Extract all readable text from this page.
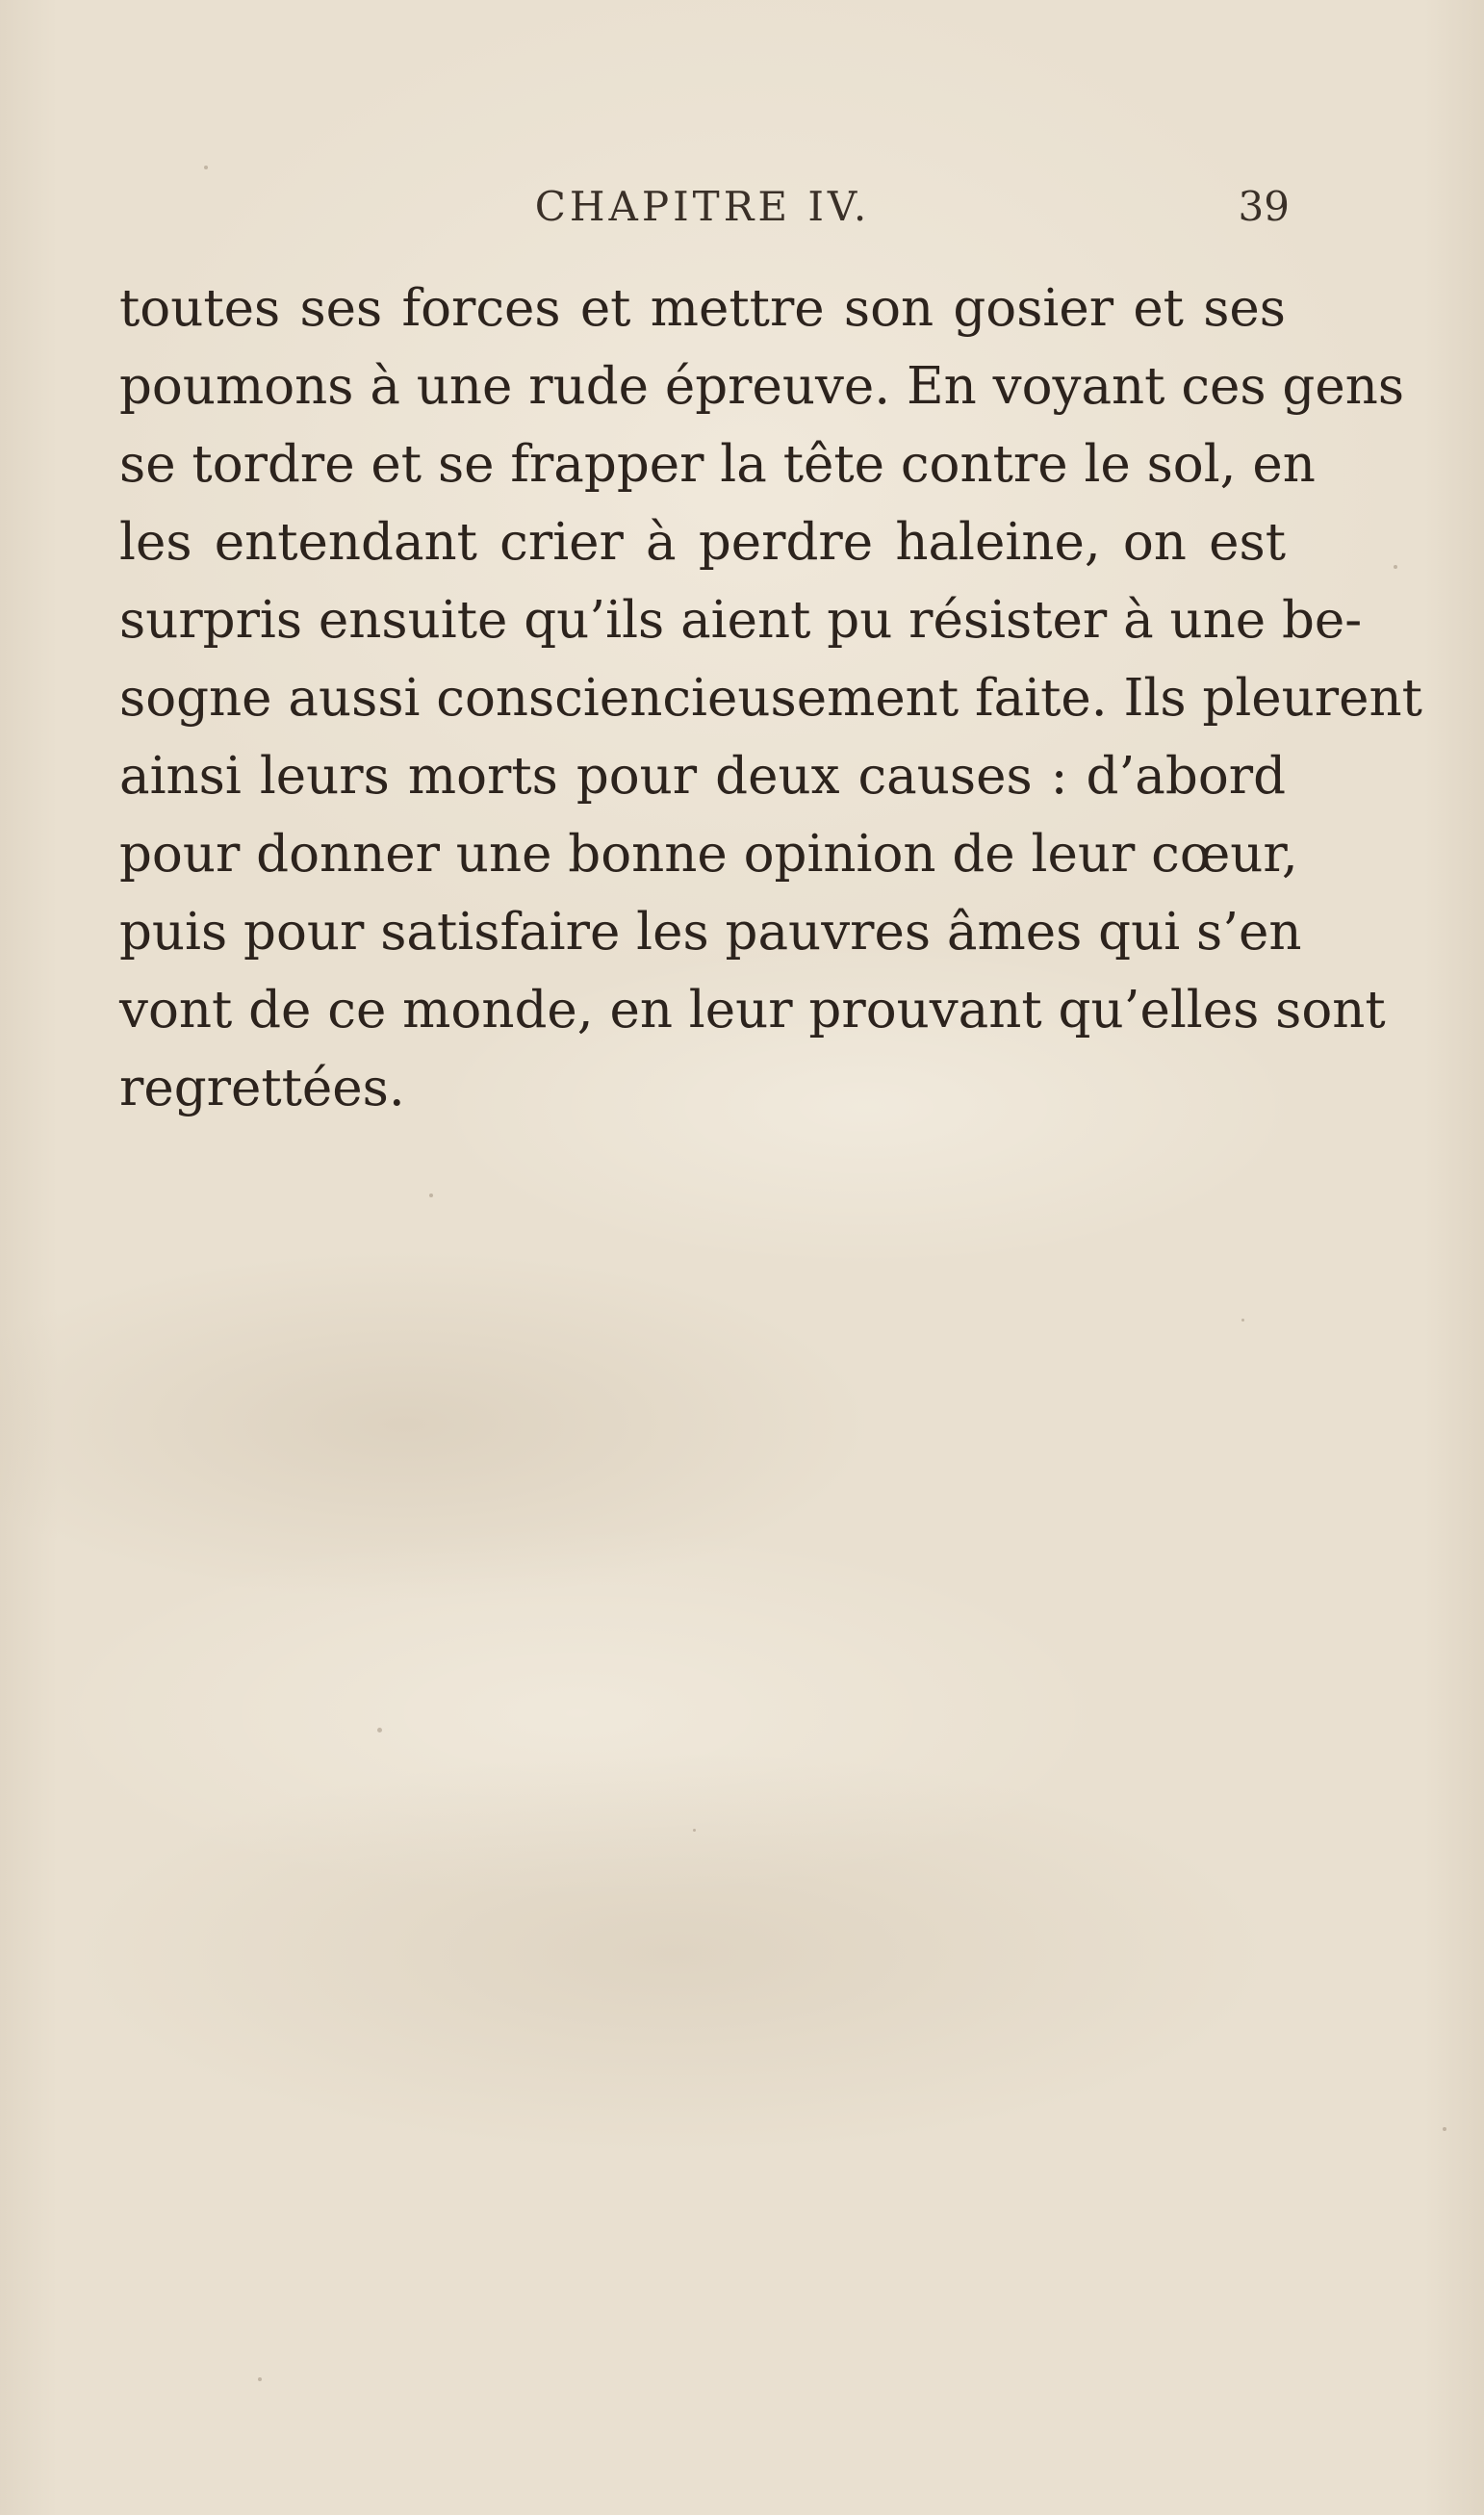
CHAPITRE IV.	39
toutes ses forces et mettre son gosier et ses
poumons à une rude épreuve. En voyant ces gens
se tordre et se frapper la tête contre le sol, en
les entendant crier à perdre haleine, on est
surpris ensuite qu’ils aient pu résister à une be-
sogne aussi consciencieusement faite. Ils pleurent
ainsi leurs morts pour deux causes : d’abord
pour donner une bonne opinion de leur cœur,
puis pour satisfaire les pauvres âmes qui s’en
vont de ce monde, en leur prouvant qu’elles sont
regrettées.
